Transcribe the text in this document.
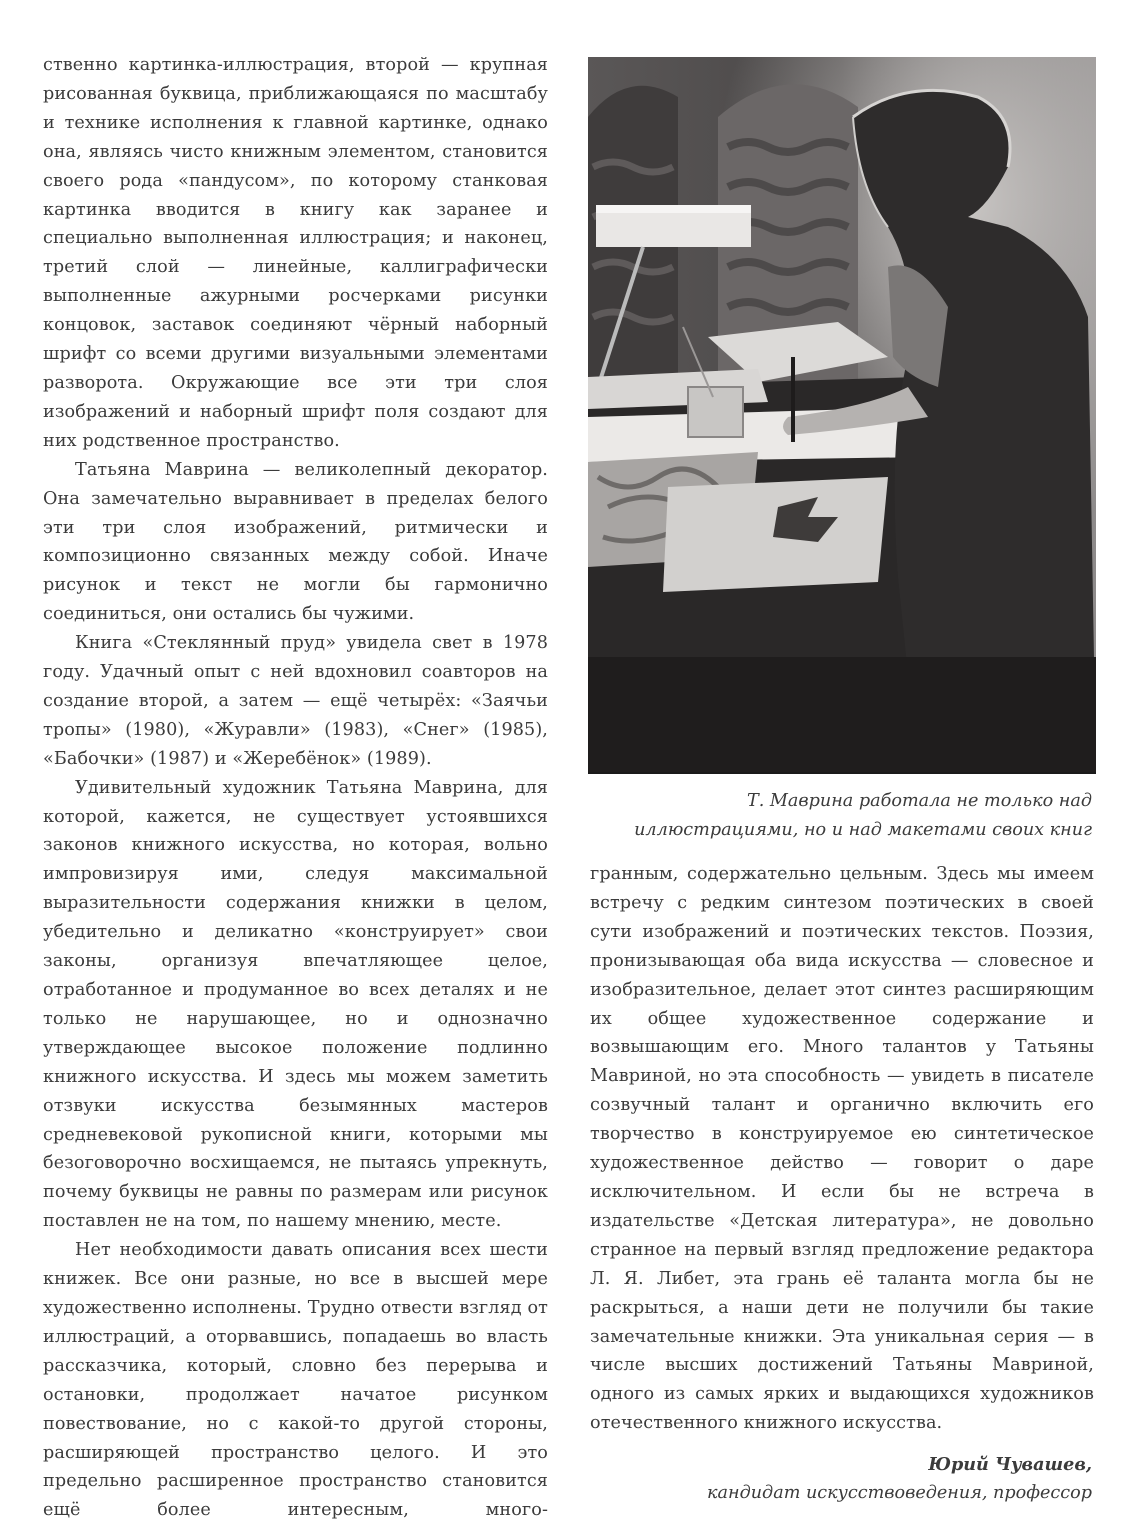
ственно картинка-иллюстрация, второй — крупная рисованная буквица, приближающаяся по масштабу и технике исполнения к главной картинке, однако она, являясь чисто книжным элементом, становится своего рода «пандусом», по которому станковая картинка вводится в книгу как заранее и специально выполненная иллюстрация; и наконец, третий слой — линейные, каллиграфически выполненные ажурными росчерками рисунки концовок, заставок соединяют чёрный наборный шрифт со всеми другими визуальными элементами разворота. Окружающие все эти три слоя изображений и наборный шрифт поля создают для них родственное пространство.

Татьяна Маврина — великолепный декоратор. Она замечательно выравнивает в пределах белого эти три слоя изображений, ритмически и композиционно связанных между собой. Иначе рисунок и текст не могли бы гармонично соединиться, они остались бы чужими.

Книга «Стеклянный пруд» увидела свет в 1978 году. Удачный опыт с ней вдохновил соавторов на создание второй, а затем — ещё четырёх: «Заячьи тропы» (1980), «Журавли» (1983), «Снег» (1985), «Бабочки» (1987) и «Жеребёнок» (1989).

Удивительный художник Татьяна Маврина, для которой, кажется, не существует устоявшихся законов книжного искусства, но которая, вольно импровизируя ими, следуя максимальной выразительности содержания книжки в целом, убедительно и деликатно «конструирует» свои законы, организуя впечатляющее целое, отработанное и продуманное во всех деталях и не только не нарушающее, но и однозначно утверждающее высокое положение подлинно книжного искусства. И здесь мы можем заметить отзвуки искусства безымянных мастеров средневековой рукописной книги, которыми мы безоговорочно восхищаемся, не пытаясь упрекнуть, почему буквицы не равны по размерам или рисунок поставлен не на том, по нашему мнению, месте.

Нет необходимости давать описания всех шести книжек. Все они разные, но все в высшей мере художественно исполнены. Трудно отвести взгляд от иллюстраций, а оторвавшись, попадаешь во власть рассказчика, который, словно без перерыва и остановки, продолжает начатое рисунком повествование, но с какой-то другой стороны, расширяющей пространство целого. И это предельно расширенное пространство становится ещё более интересным, много-

Т. Маврина работала не только над
иллюстрациями, но и над макетами своих книг

гранным, содержательно цельным. Здесь мы имеем встречу с редким синтезом поэтических в своей сути изображений и поэтических текстов. Поэзия, пронизывающая оба вида искусства — словесное и изобразительное, делает этот синтез расширяющим их общее художественное содержание и возвышающим его. Много талантов у Татьяны Мавриной, но эта способность — увидеть в писателе созвучный талант и органично включить его творчество в конструируемое ею синтетическое художественное действо — говорит о даре исключительном. И если бы не встреча в издательстве «Детская литература», не довольно странное на первый взгляд предложение редактора Л. Я. Либет, эта грань её таланта могла бы не раскрыться, а наши дети не получили бы такие замечательные книжки. Эта уникальная серия — в числе высших достижений Татьяны Мавриной, одного из самых ярких и выдающихся художников отечественного книжного искусства.

Юрий Чувашев,
кандидат искусствоведения, профессор
